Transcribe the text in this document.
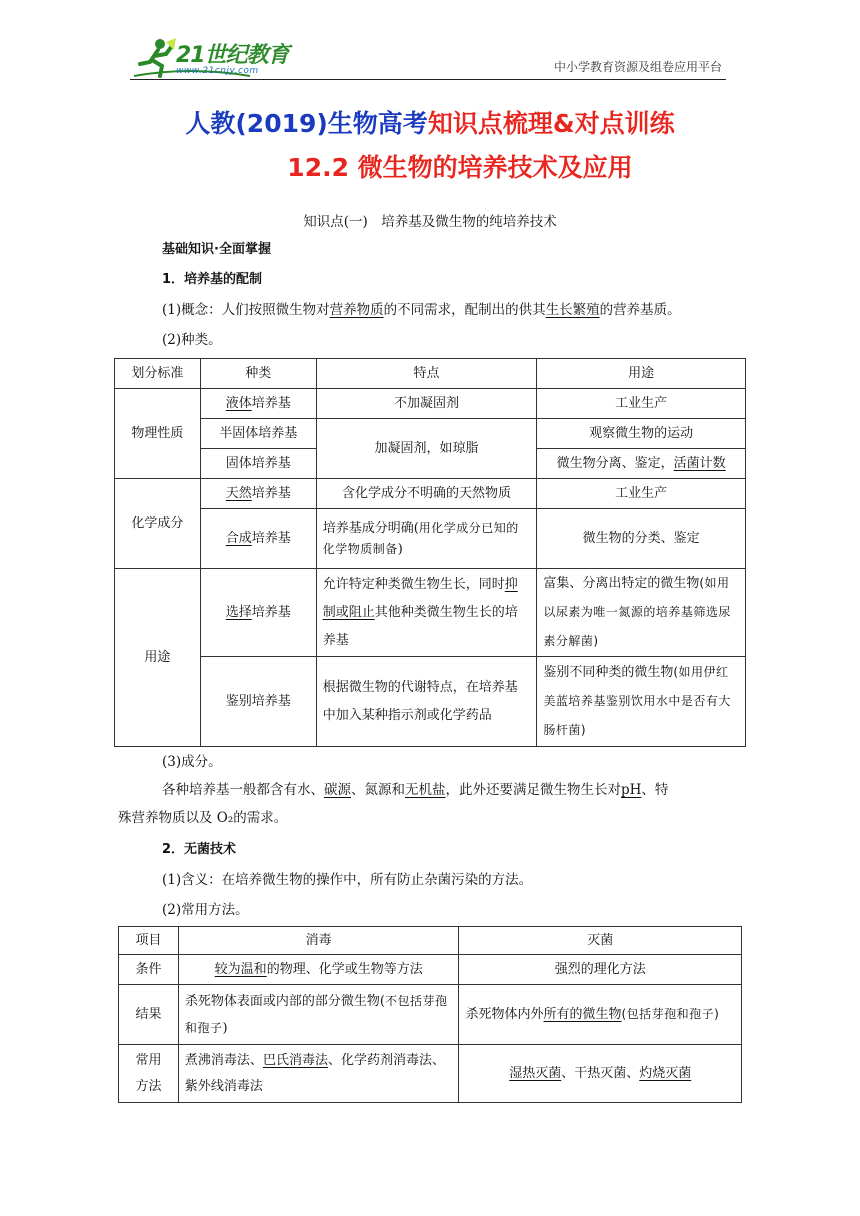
21世纪教育
www.21cnjy.com	中小学教育资源及组卷应用平台
人教(2019)生物高考知识点梳理&对点训练
12.2 微生物的培养技术及应用
知识点(一)　培养基及微生物的纯培养技术
基础知识·全面掌握
1．培养基的配制
(1)概念：人们按照微生物对营养物质的不同需求，配制出的供其生长繁殖的营养基质。
(2)种类。
划分标准	种类	特点	用途
物理性质	液体培养基	不加凝固剂	工业生产
	半固体培养基	加凝固剂，如琼脂	观察微生物的运动
	固体培养基		微生物分离、鉴定，活菌计数
化学成分	天然培养基	含化学成分不明确的天然物质	工业生产
	合成培养基	培养基成分明确(用化学成分已知的化学物质制备)	微生物的分类、鉴定
用途	选择培养基	允许特定种类微生物生长，同时抑制或阻止其他种类微生物生长的培养基	富集、分离出特定的微生物(如用以尿素为唯一氮源的培养基筛选尿素分解菌)
	鉴别培养基	根据微生物的代谢特点，在培养基中加入某种指示剂或化学药品	鉴别不同种类的微生物(如用伊红美蓝培养基鉴别饮用水中是否有大肠杆菌)
(3)成分。
各种培养基一般都含有水、碳源、氮源和无机盐，此外还要满足微生物生长对pH、特
殊营养物质以及 O₂的需求。
2．无菌技术
(1)含义：在培养微生物的操作中，所有防止杂菌污染的方法。
(2)常用方法。
项目	消毒	灭菌
条件	较为温和的物理、化学或生物等方法	强烈的理化方法
结果	杀死物体表面或内部的部分微生物(不包括芽孢和孢子)	杀死物体内外所有的微生物(包括芽孢和孢子)
常用
方法	煮沸消毒法、巴氏消毒法、化学药剂消毒法、紫外线消毒法	湿热灭菌、干热灭菌、灼烧灭菌
